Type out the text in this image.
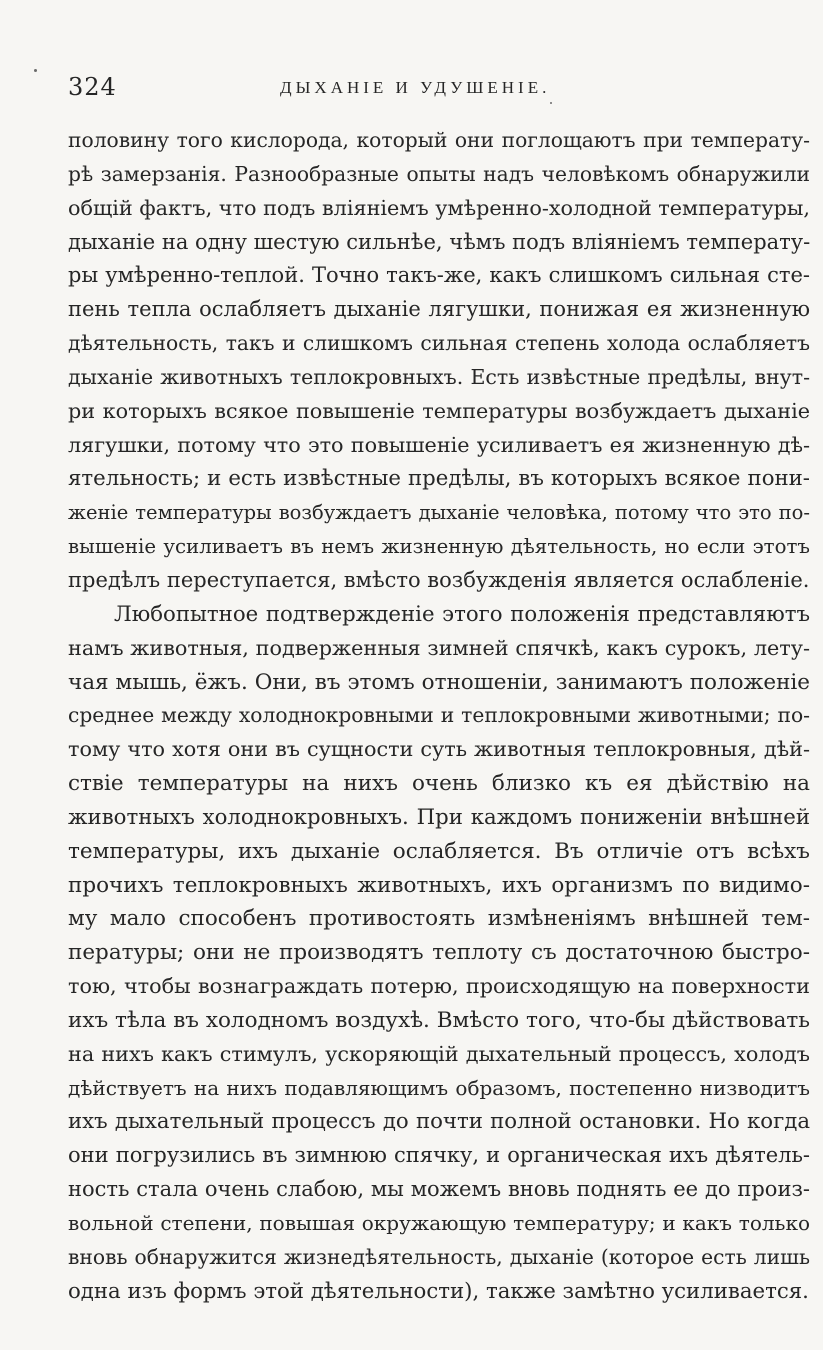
324	ДЫХАНІЕ И УДУШЕНІЕ.
половину того кислорода, который они поглощаютъ при температу-
рѣ замерзанія. Разнообразные опыты надъ человѣкомъ обнаружили
общій фактъ, что подъ вліяніемъ умѣренно-холодной температуры,
дыханіе на одну шестую сильнѣе, чѣмъ подъ вліяніемъ температу-
ры умѣренно-теплой. Точно такъ-же, какъ слишкомъ сильная сте-
пень тепла ослабляетъ дыханіе лягушки, понижая ея жизненную
дѣятельность, такъ и слишкомъ сильная степень холода ослабляетъ
дыханіе животныхъ теплокровныхъ. Есть извѣстные предѣлы, внут-
ри которыхъ всякое повышеніе температуры возбуждаетъ дыханіе
лягушки, потому что это повышеніе усиливаетъ ея жизненную дѣ-
ятельность; и есть извѣстные предѣлы, въ которыхъ всякое пони-
женіе температуры возбуждаетъ дыханіе человѣка, потому что это по-
вышеніе усиливаетъ въ немъ жизненную дѣятельность, но если этотъ
предѣлъ переступается, вмѣсто возбужденія является ослабленіе.
Любопытное подтвержденіе этого положенія представляютъ
намъ животныя, подверженныя зимней спячкѣ, какъ сурокъ, лету-
чая мышь, ёжъ. Они, въ этомъ отношеніи, занимаютъ положеніе
среднее между холоднокровными и теплокровными животными; по-
тому что хотя они въ сущности суть животныя теплокровныя, дѣй-
ствіе температуры на нихъ очень близко къ ея дѣйствію на
животныхъ холоднокровныхъ. При каждомъ пониженіи внѣшней
температуры, ихъ дыханіе ослабляется. Въ отличіе отъ всѣхъ
прочихъ теплокровныхъ животныхъ, ихъ организмъ по видимо-
му мало способенъ противостоять измѣненіямъ внѣшней тем-
пературы; они не производятъ теплоту съ достаточною быстро-
тою, чтобы вознаграждать потерю, происходящую на поверхности
ихъ тѣла въ холодномъ воздухѣ. Вмѣсто того, что-бы дѣйствовать
на нихъ какъ стимулъ, ускоряющій дыхательный процессъ, холодъ
дѣйствуетъ на нихъ подавляющимъ образомъ, постепенно низводитъ
ихъ дыхательный процессъ до почти полной остановки. Но когда
они погрузились въ зимнюю спячку, и органическая ихъ дѣятель-
ность стала очень слабою, мы можемъ вновь поднять ее до произ-
вольной степени, повышая окружающую температуру; и какъ только
вновь обнаружится жизнедѣятельность, дыханіе (которое есть лишь
одна изъ формъ этой дѣятельности), также замѣтно усиливается.
